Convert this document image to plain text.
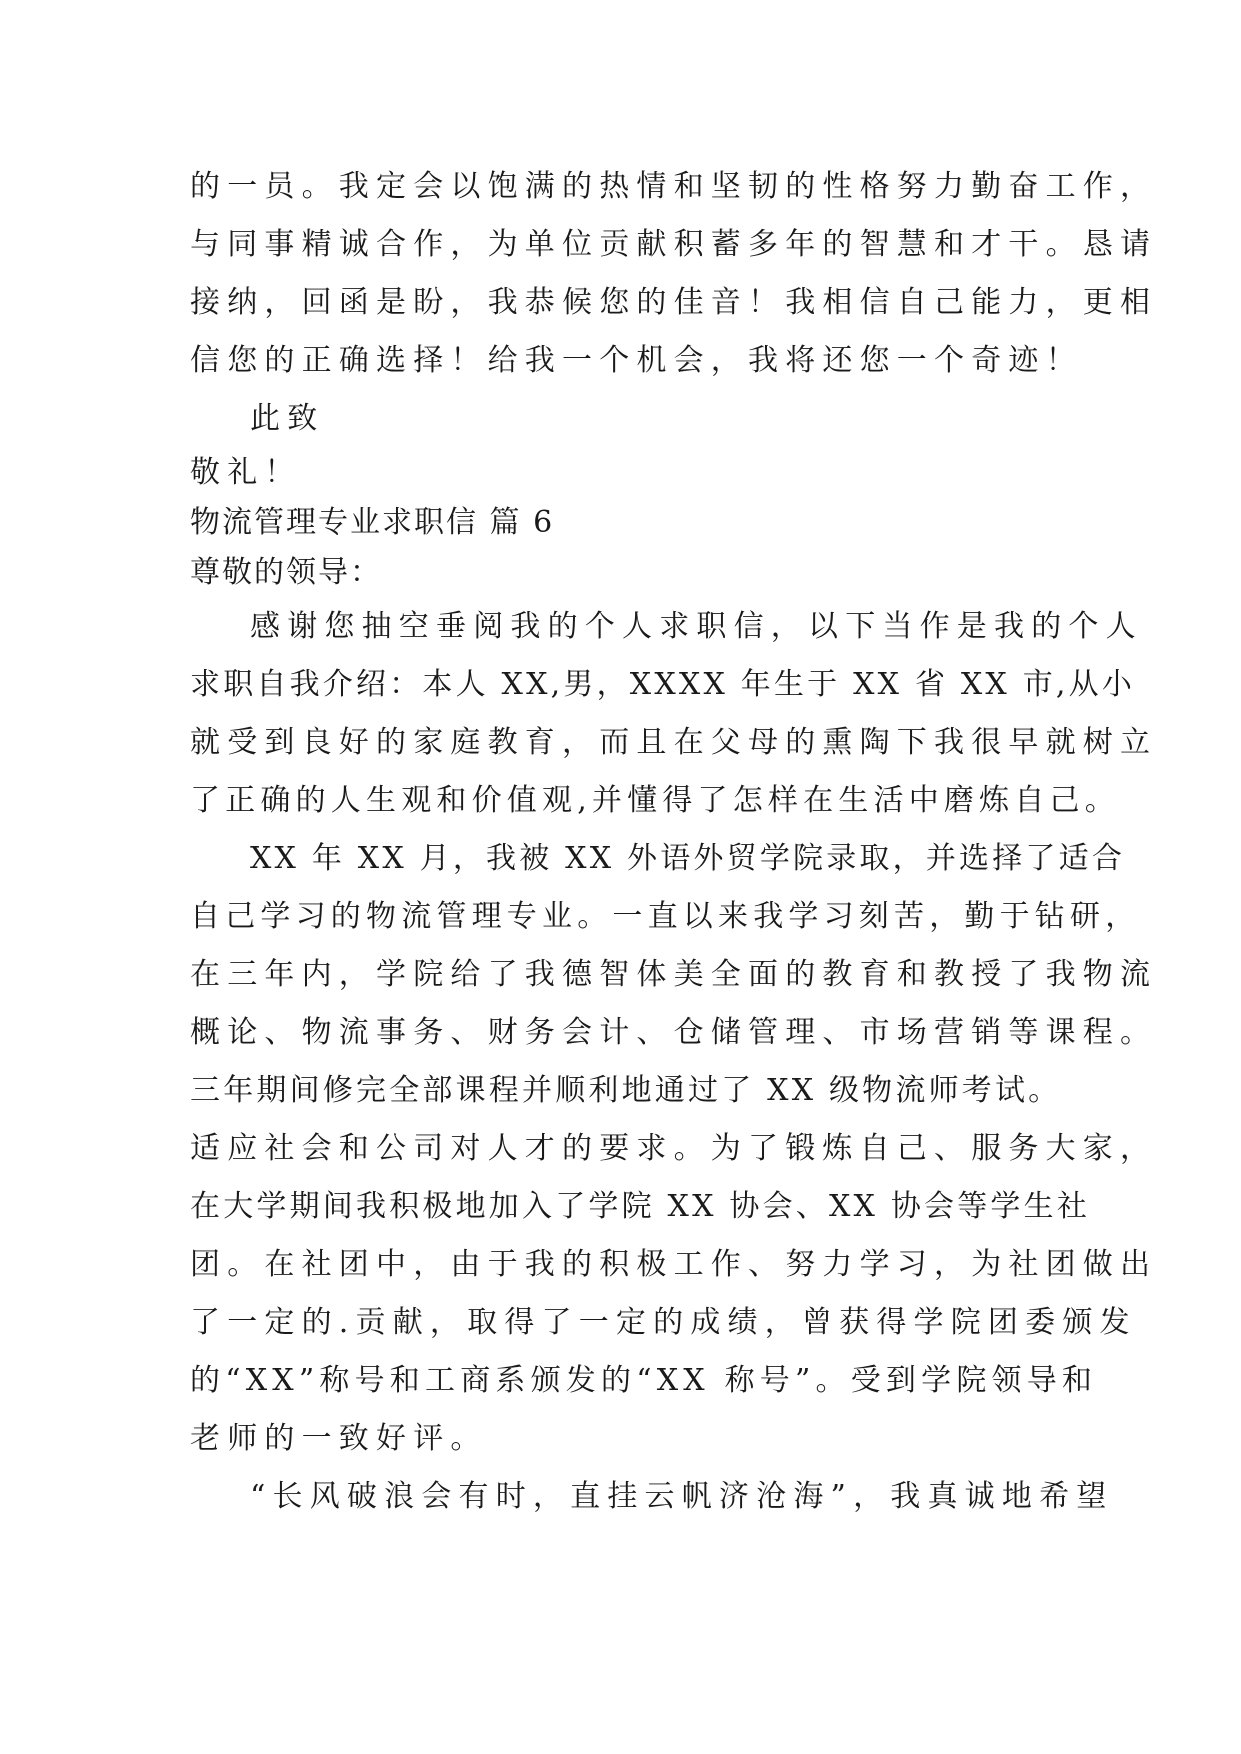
的一员。我定会以饱满的热情和坚韧的性格努力勤奋工作，
与同事精诚合作，为单位贡献积蓄多年的智慧和才干。恳请
接纳，回函是盼，我恭候您的佳音！我相信自己能力，更相
信您的正确选择！给我一个机会，我将还您一个奇迹！
此致
敬礼！
物流管理专业求职信 篇 6
尊敬的领导：
感谢您抽空垂阅我的个人求职信，以下当作是我的个人
求职自我介绍：本人 XX,男，XXXX 年生于 XX 省 XX 市,从小
就受到良好的家庭教育，而且在父母的熏陶下我很早就树立
了正确的人生观和价值观,并懂得了怎样在生活中磨炼自己。
XX 年 XX 月，我被 XX 外语外贸学院录取，并选择了适合
自己学习的物流管理专业。一直以来我学习刻苦，勤于钻研，
在三年内，学院给了我德智体美全面的教育和教授了我物流
概论、物流事务、财务会计、仓储管理、市场营销等课程。
三年期间修完全部课程并顺利地通过了 XX 级物流师考试。
适应社会和公司对人才的要求。为了锻炼自己、服务大家，
在大学期间我积极地加入了学院 XX 协会、XX 协会等学生社
团。在社团中，由于我的积极工作、努力学习，为社团做出
了一定的.贡献，取得了一定的成绩，曾获得学院团委颁发
的“XX”称号和工商系颁发的“XX 称号”。受到学院领导和
老师的一致好评。
“长风破浪会有时，直挂云帆济沧海”，我真诚地希望
